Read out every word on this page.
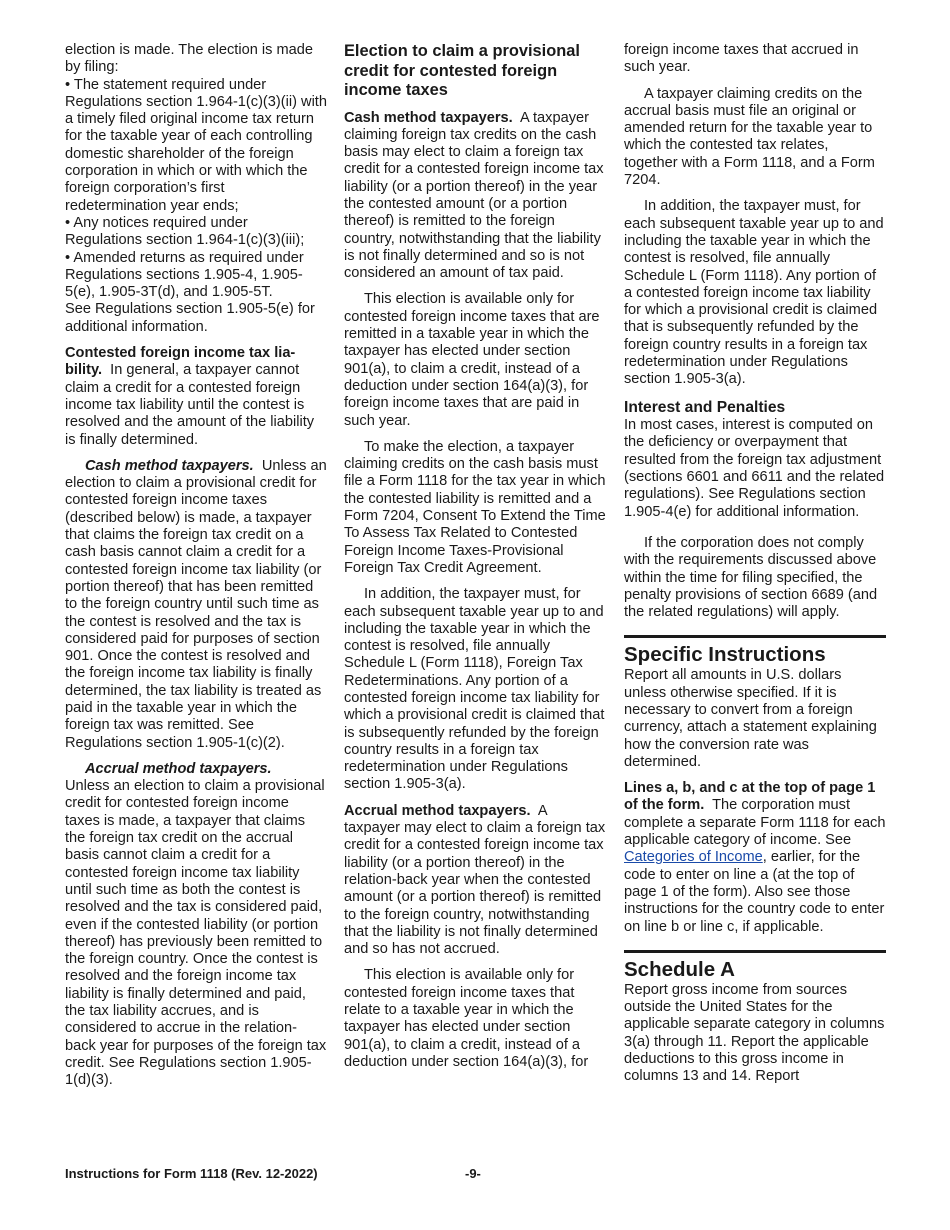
election is made. The election is made by filing:

• The statement required under Regulations section 1.964-1(c)(3)(ii) with a timely filed original income tax return for the taxable year of each controlling domestic shareholder of the foreign corporation in which or with which the foreign corporation’s first redetermination year ends;

• Any notices required under Regulations section 1.964-1(c)(3)(iii);

• Amended returns as required under Regulations sections 1.905-4, 1.905-5(e), 1.905-3T(d), and 1.905-5T.

See Regulations section 1.905-5(e) for additional information.

Contested foreign income tax lia-bility. In general, a taxpayer cannot claim a credit for a contested foreign income tax liability until the contest is resolved and the amount of the liability is finally determined.

Cash method taxpayers. Unless an election to claim a provisional credit for contested foreign income taxes (described below) is made, a taxpayer that claims the foreign tax credit on a cash basis cannot claim a credit for a contested foreign income tax liability (or portion thereof) that has been remitted to the foreign country until such time as the contest is resolved and the tax is considered paid for purposes of section 901. Once the contest is resolved and the foreign income tax liability is finally determined, the tax liability is treated as paid in the taxable year in which the foreign tax was remitted. See Regulations section 1.905-1(c)(2).

Accrual method taxpayers.

Unless an election to claim a provisional credit for contested foreign income taxes is made, a taxpayer that claims the foreign tax credit on the accrual basis cannot claim a credit for a contested foreign income tax liability until such time as both the contest is resolved and the tax is considered paid, even if the contested liability (or portion thereof) has previously been remitted to the foreign country. Once the contest is resolved and the foreign income tax liability is finally determined and paid, the tax liability accrues, and is considered to accrue in the relation-back year for purposes of the foreign tax credit. See Regulations section 1.905-1(d)(3).

Election to claim a provisional credit for contested foreign income taxes

Cash method taxpayers. A taxpayer claiming foreign tax credits on the cash basis may elect to claim a foreign tax credit for a contested foreign income tax liability (or a portion thereof) in the year the contested amount (or a portion thereof) is remitted to the foreign country, notwithstanding that the liability is not finally determined and so is not considered an amount of tax paid.

This election is available only for contested foreign income taxes that are remitted in a taxable year in which the taxpayer has elected under section 901(a), to claim a credit, instead of a deduction under section 164(a)(3), for foreign income taxes that are paid in such year.

To make the election, a taxpayer claiming credits on the cash basis must file a Form 1118 for the tax year in which the contested liability is remitted and a Form 7204, Consent To Extend the Time To Assess Tax Related to Contested Foreign Income Taxes-Provisional Foreign Tax Credit Agreement.

In addition, the taxpayer must, for each subsequent taxable year up to and including the taxable year in which the contest is resolved, file annually Schedule L (Form 1118), Foreign Tax Redeterminations. Any portion of a contested foreign income tax liability for which a provisional credit is claimed that is subsequently refunded by the foreign country results in a foreign tax redetermination under Regulations section 1.905-3(a).

Accrual method taxpayers. A taxpayer may elect to claim a foreign tax credit for a contested foreign income tax liability (or a portion thereof) in the relation-back year when the contested amount (or a portion thereof) is remitted to the foreign country, notwithstanding that the liability is not finally determined and so has not accrued.

This election is available only for contested foreign income taxes that relate to a taxable year in which the taxpayer has elected under section 901(a), to claim a credit, instead of a deduction under section 164(a)(3), for

foreign income taxes that accrued in such year.

A taxpayer claiming credits on the accrual basis must file an original or amended return for the taxable year to which the contested tax relates, together with a Form 1118, and a Form 7204.

In addition, the taxpayer must, for each subsequent taxable year up to and including the taxable year in which the contest is resolved, file annually Schedule L (Form 1118). Any portion of a contested foreign income tax liability for which a provisional credit is claimed that is subsequently refunded by the foreign country results in a foreign tax redetermination under Regulations section 1.905-3(a).

Interest and Penalties

In most cases, interest is computed on the deficiency or overpayment that resulted from the foreign tax adjustment (sections 6601 and 6611 and the related regulations). See Regulations section 1.905-4(e) for additional information.

If the corporation does not comply with the requirements discussed above within the time for filing specified, the penalty provisions of section 6689 (and the related regulations) will apply.

Specific Instructions

Report all amounts in U.S. dollars unless otherwise specified. If it is necessary to convert from a foreign currency, attach a statement explaining how the conversion rate was determined.

Lines a, b, and c at the top of page 1 of the form. The corporation must complete a separate Form 1118 for each applicable category of income. See Categories of Income, earlier, for the code to enter on line a (at the top of page 1 of the form). Also see those instructions for the country code to enter on line b or line c, if applicable.

Schedule A

Report gross income from sources outside the United States for the applicable separate category in columns 3(a) through 11. Report the applicable deductions to this gross income in columns 13 and 14. Report

Instructions for Form 1118 (Rev. 12-2022)	-9-
